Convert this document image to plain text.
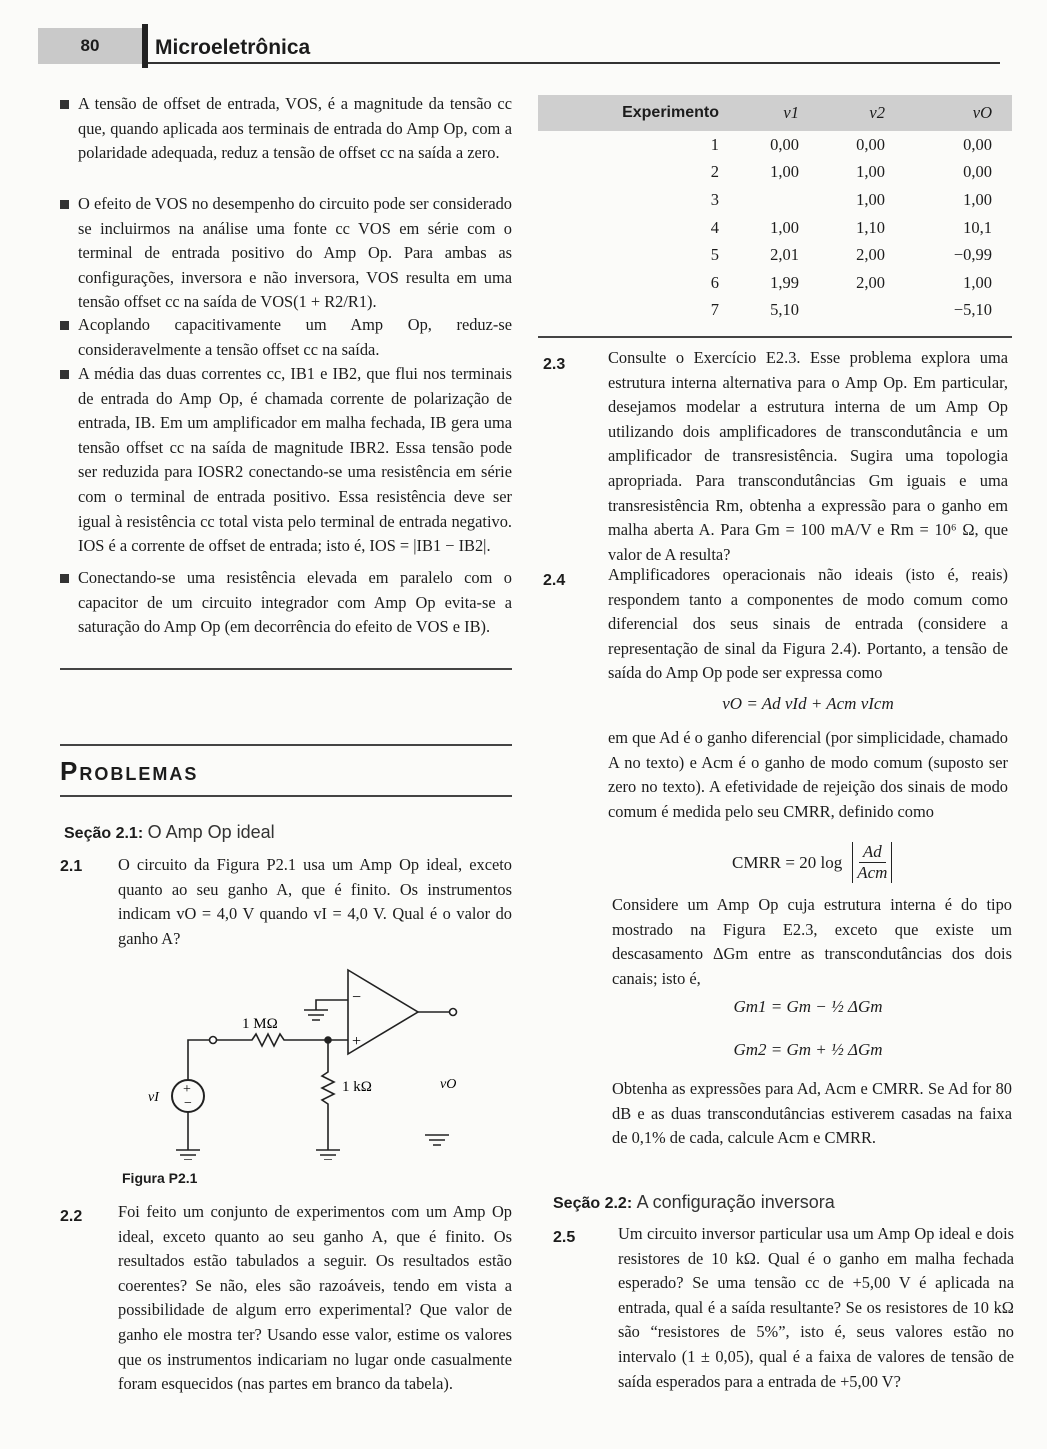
80	Microeletrônica
A tensão de offset de entrada, VOS, é a magnitude da tensão cc que, quando aplicada aos terminais de entrada do Amp Op, com a polaridade adequada, reduz a tensão de offset cc na saída a zero.
O efeito de VOS no desempenho do circuito pode ser considerado se incluirmos na análise uma fonte cc VOS em série com o terminal de entrada positivo do Amp Op. Para ambas as configurações, inversora e não inversora, VOS resulta em uma tensão offset cc na saída de VOS(1 + R2/R1).
Acoplando capacitivamente um Amp Op, reduz-se consideravelmente a tensão offset cc na saída.
A média das duas correntes cc, IB1 e IB2, que flui nos terminais de entrada do Amp Op, é chamada corrente de polarização de entrada, IB. Em um amplificador em malha fechada, IB gera uma tensão offset cc na saída de magnitude IBR2. Essa tensão pode ser reduzida para IOSR2 conectando-se uma resistência em série com o terminal de entrada positivo. Essa resistência deve ser igual à resistência cc total vista pelo terminal de entrada negativo. IOS é a corrente de offset de entrada; isto é, IOS = |IB1 − IB2|.
Conectando-se uma resistência elevada em paralelo com o capacitor de um circuito integrador com Amp Op evita-se a saturação do Amp Op (em decorrência do efeito de VOS e IB).
Problemas
Seção 2.1: O Amp Op ideal
2.1 O circuito da Figura P2.1 usa um Amp Op ideal, exceto quanto ao seu ganho A, que é finito. Os instrumentos indicam vO = 4,0 V quando vI = 4,0 V. Qual é o valor do ganho A?
+
−
vI
1 MΩ
1 kΩ
−
+
vO
Figura P2.1
2.2 Foi feito um conjunto de experimentos com um Amp Op ideal, exceto quanto ao seu ganho A, que é finito. Os resultados estão tabulados a seguir. Os resultados estão coerentes? Se não, eles são razoáveis, tendo em vista a possibilidade de algum erro experimental? Que valor de ganho ele mostra ter? Usando esse valor, estime os valores que os instrumentos indicariam no lugar onde casualmente foram esquecidos (nas partes em branco da tabela).
Experimento	v1	v2	vO
1	0,00	0,00	0,00
2	1,00	1,00	0,00
3		1,00	1,00
4	1,00	1,10	10,1
5	2,01	2,00	−0,99
6	1,99	2,00	1,00
7	5,10		−5,10
2.3	Consulte o Exercício E2.3. Esse problema explora uma estrutura interna alternativa para o Amp Op. Em particular, desejamos modelar a estrutura interna de um Amp Op utilizando dois amplificadores de transcondutância e um amplificador de transresistência. Sugira uma topologia apropriada. Para transcondutâncias Gm iguais e uma transresistência Rm, obtenha a expressão para o ganho em malha aberta A. Para Gm = 100 mA/V e Rm = 10⁶ Ω, que valor de A resulta?
2.4	Amplificadores operacionais não ideais (isto é, reais) respondem tanto a componentes de modo comum como diferencial dos seus sinais de entrada (considere a representação de sinal da Figura 2.4). Portanto, a tensão de saída do Amp Op pode ser expressa como
vO = Ad vId + Acm vIcm
em que Ad é o ganho diferencial (por simplicidade, chamado A no texto) e Acm é o ganho de modo comum (suposto ser zero no texto). A efetividade de rejeição dos sinais de modo comum é medida pelo seu CMRR, definido como
CMRR = 20 log
Ad
Acm
Considere um Amp Op cuja estrutura interna é do tipo mostrado na Figura E2.3, exceto que existe um descasamento ΔGm entre as transcondutâncias dos dois canais; isto é,
Gm1 = Gm − ½ ΔGm
Gm2 = Gm + ½ ΔGm
Obtenha as expressões para Ad, Acm e CMRR. Se Ad for 80 dB e as duas transcondutâncias estiverem casadas na faixa de 0,1% de cada, calcule Acm e CMRR.
Seção 2.2: A configuração inversora
2.5	Um circuito inversor particular usa um Amp Op ideal e dois resistores de 10 kΩ. Qual é o ganho em malha fechada esperado? Se uma tensão cc de +5,00 V é aplicada na entrada, qual é a saída resultante? Se os resistores de 10 kΩ são “resistores de 5%”, isto é, seus valores estão no intervalo (1 ± 0,05), qual é a faixa de valores de tensão de saída esperados para a entrada de +5,00 V?
